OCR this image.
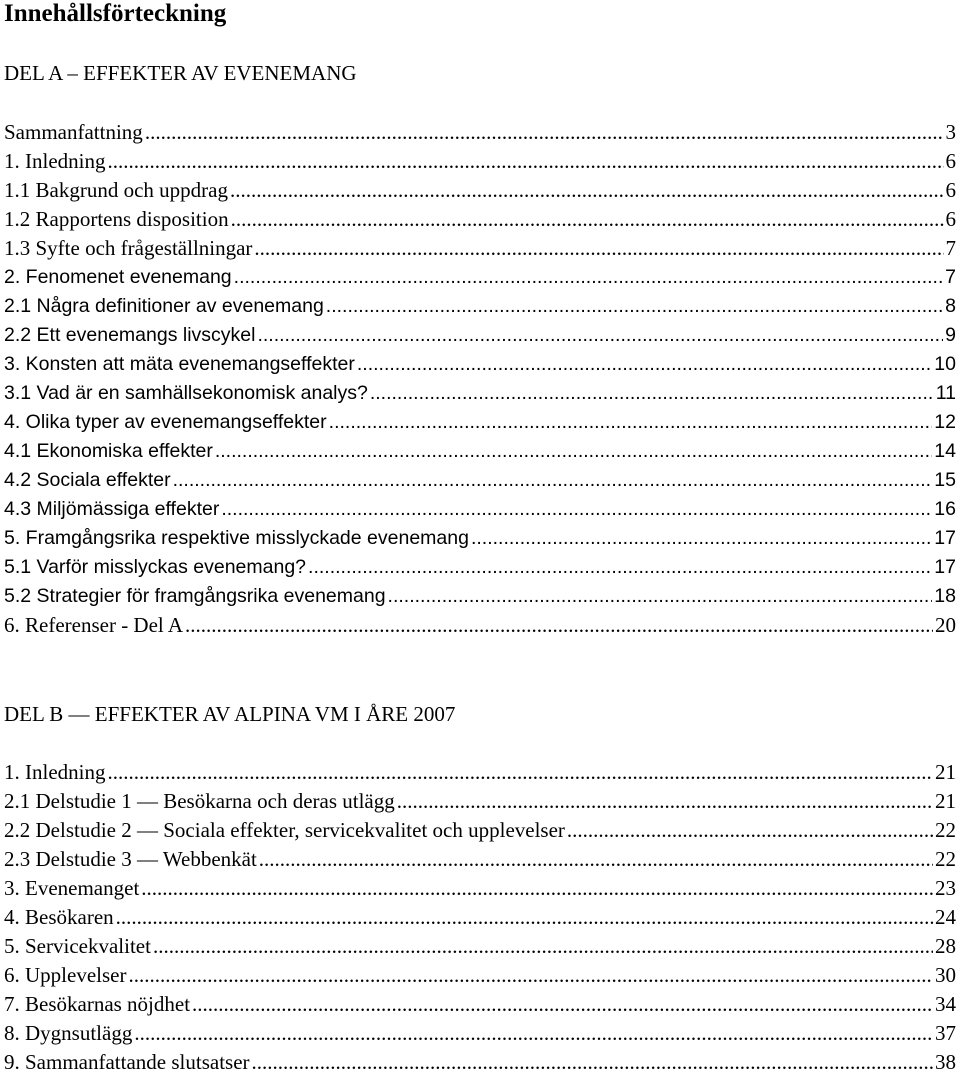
Innehållsförteckning
DEL A – EFFEKTER AV EVENEMANG
Sammanfattning .....	3
1. Inledning .....	6
1.1 Bakgrund och uppdrag .....	6
1.2 Rapportens disposition .....	6
1.3 Syfte och frågeställningar .....	7
2. Fenomenet evenemang .....	7
2.1 Några definitioner av evenemang .....	8
2.2 Ett evenemangs livscykel .....	9
3. Konsten att mäta evenemangseffekter .....	10
3.1 Vad är en samhällsekonomisk analys? .....	11
4. Olika typer av evenemangseffekter .....	12
4.1 Ekonomiska effekter .....	14
4.2 Sociala effekter .....	15
4.3 Miljömässiga effekter .....	16
5. Framgångsrika respektive misslyckade evenemang .....	17
5.1 Varför misslyckas evenemang? .....	17
5.2 Strategier för framgångsrika evenemang .....	18
6. Referenser - Del A .....	20
DEL B — EFFEKTER AV ALPINA VM I ÅRE 2007
1. Inledning .....	21
2.1 Delstudie 1 — Besökarna och deras utlägg .....	21
2.2 Delstudie 2 — Sociala effekter, servicekvalitet och upplevelser .....	22
2.3 Delstudie 3 — Webbenkät .....	22
3. Evenemanget .....	23
4. Besökaren .....	24
5. Servicekvalitet .....	28
6. Upplevelser .....	30
7. Besökarnas nöjdhet .....	34
8. Dygnsutlägg .....	37
9. Sammanfattande slutsatser .....	38
